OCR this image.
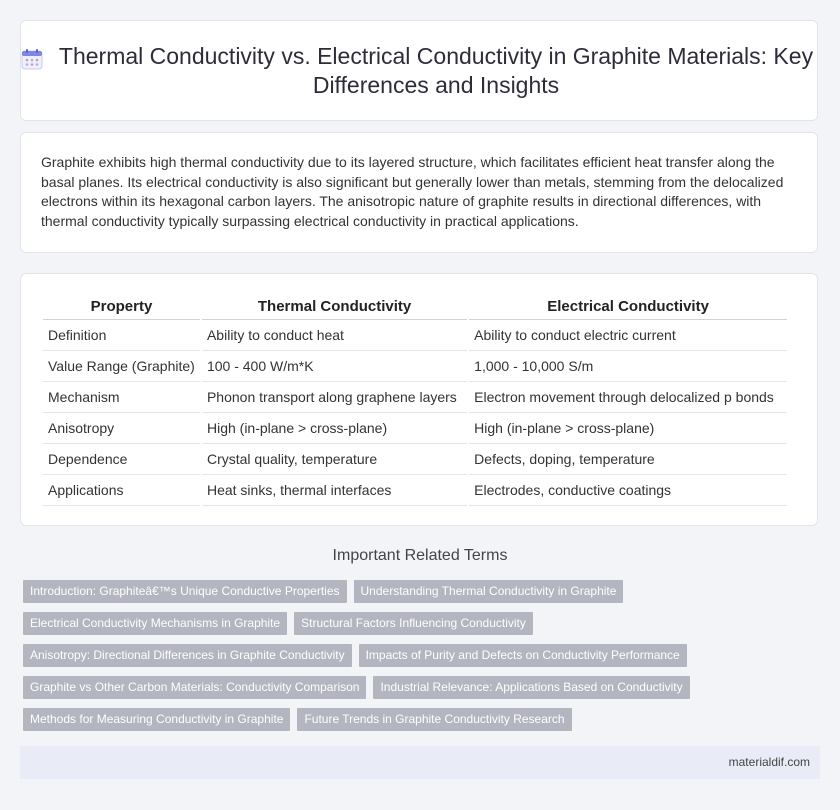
Thermal Conductivity vs. Electrical Conductivity in Graphite Materials: Key Differences and Insights

Graphite exhibits high thermal conductivity due to its layered structure, which facilitates efficient heat transfer along the basal planes. Its electrical conductivity is also significant but generally lower than metals, stemming from the delocalized electrons within its hexagonal carbon layers. The anisotropic nature of graphite results in directional differences, with thermal conductivity typically surpassing electrical conductivity in practical applications.

Property	Thermal Conductivity	Electrical Conductivity
Definition	Ability to conduct heat	Ability to conduct electric current
Value Range (Graphite)	100 - 400 W/m*K	1,000 - 10,000 S/m
Mechanism	Phonon transport along graphene layers	Electron movement through delocalized p bonds
Anisotropy	High (in-plane > cross-plane)	High (in-plane > cross-plane)
Dependence	Crystal quality, temperature	Defects, doping, temperature
Applications	Heat sinks, thermal interfaces	Electrodes, conductive coatings
Important Related Terms
Introduction: Graphiteâ€™s Unique Conductive Properties	Understanding Thermal Conductivity in Graphite
Electrical Conductivity Mechanisms in Graphite	Structural Factors Influencing Conductivity
Anisotropy: Directional Differences in Graphite Conductivity	Impacts of Purity and Defects on Conductivity Performance
Graphite vs Other Carbon Materials: Conductivity Comparison	Industrial Relevance: Applications Based on Conductivity
Methods for Measuring Conductivity in Graphite	Future Trends in Graphite Conductivity Research
materialdif.com
